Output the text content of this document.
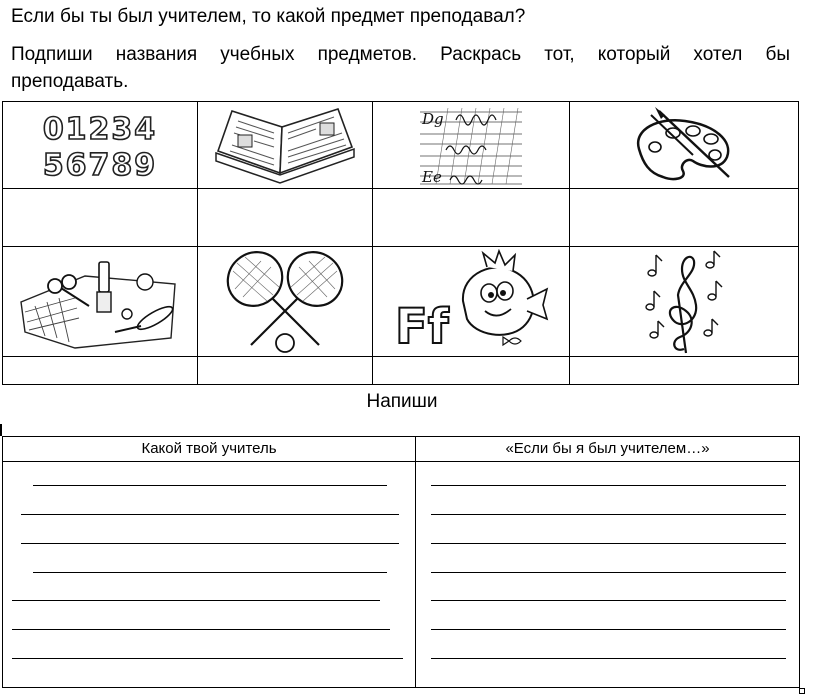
Если бы ты был учителем, то какой предмет преподавал?
Подпиши названия учебных предметов. Раскрась тот, который хотел бы
преподавать.
01234
56789
Dg
Ee
Ff
Напиши
Какой твой учитель	«Если бы я был учителем…»
